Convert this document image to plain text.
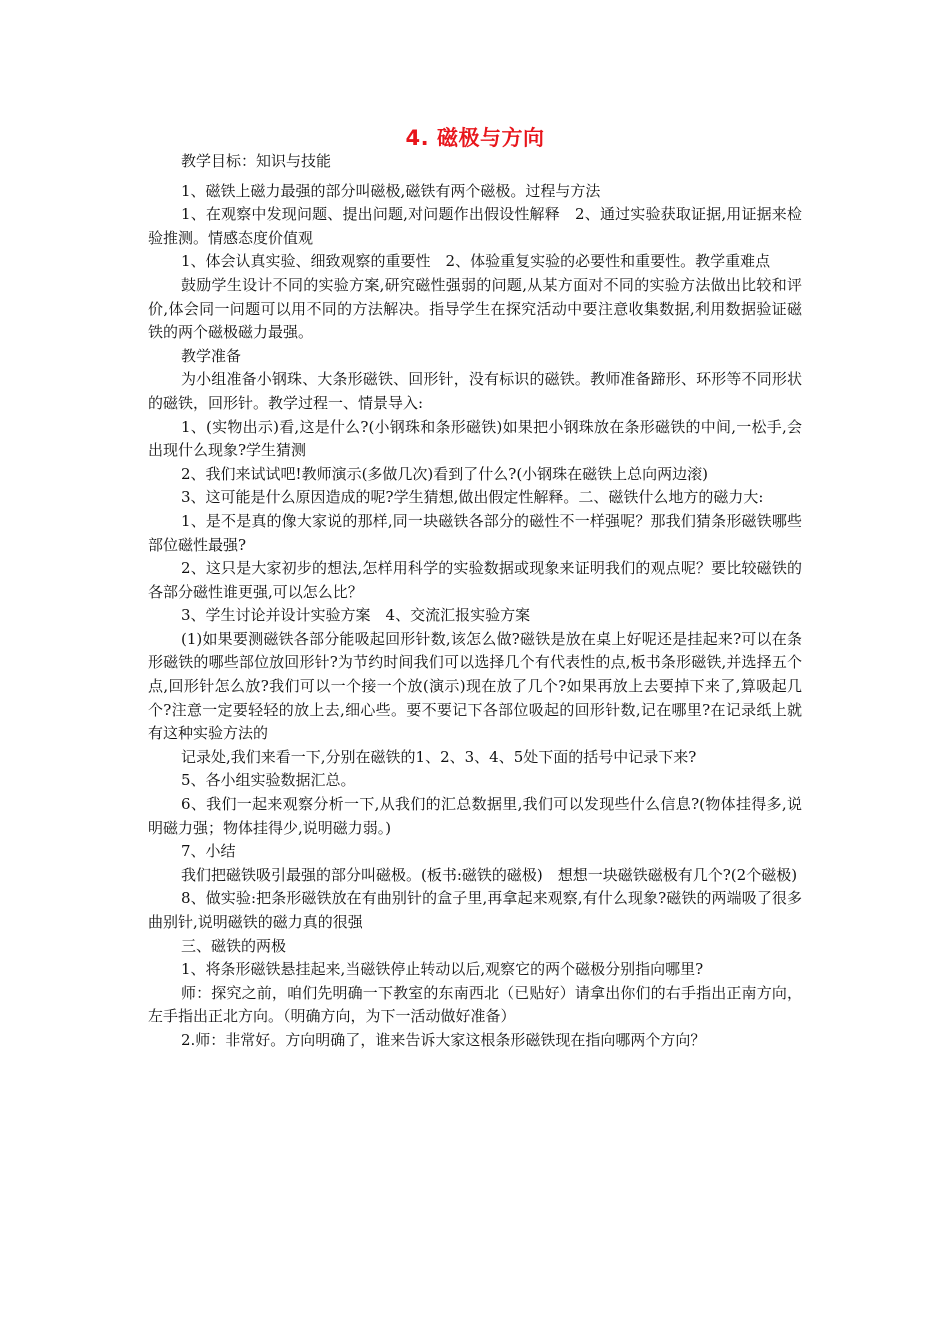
4. 磁极与方向

教学目标：知识与技能

1、磁铁上磁力最强的部分叫磁极,磁铁有两个磁极。过程与方法

1、在观察中发现问题、提出问题,对问题作出假设性解释　2、通过实验获取证据,用证据来检验推测。情感态度价值观

1、体会认真实验、细致观察的重要性　2、体验重复实验的必要性和重要性。教学重难点

鼓励学生设计不同的实验方案,研究磁性强弱的问题,从某方面对不同的实验方法做出比较和评价,体会同一问题可以用不同的方法解决。指导学生在探究活动中要注意收集数据,利用数据验证磁铁的两个磁极磁力最强。

教学准备

为小组准备小钢珠、大条形磁铁、回形针，没有标识的磁铁。教师准备蹄形、环形等不同形状的磁铁，回形针。教学过程一、情景导入:

1、(实物出示)看,这是什么?(小钢珠和条形磁铁)如果把小钢珠放在条形磁铁的中间,一松手,会出现什么现象?学生猜测

2、我们来试试吧!教师演示(多做几次)看到了什么?(小钢珠在磁铁上总向两边滚)

3、这可能是什么原因造成的呢?学生猜想,做出假定性解释。二、磁铁什么地方的磁力大:

1、是不是真的像大家说的那样,同一块磁铁各部分的磁性不一样强呢？那我们猜条形磁铁哪些部位磁性最强?

2、这只是大家初步的想法,怎样用科学的实验数据或现象来证明我们的观点呢？要比较磁铁的各部分磁性谁更强,可以怎么比？

3、学生讨论并设计实验方案　4、交流汇报实验方案

(1)如果要测磁铁各部分能吸起回形针数,该怎么做?磁铁是放在桌上好呢还是挂起来?可以在条形磁铁的哪些部位放回形针?为节约时间我们可以选择几个有代表性的点,板书条形磁铁,并选择五个点,回形针怎么放?我们可以一个接一个放(演示)现在放了几个?如果再放上去要掉下来了,算吸起几个?注意一定要轻轻的放上去,细心些。要不要记下各部位吸起的回形针数,记在哪里?在记录纸上就有这种实验方法的

记录处,我们来看一下,分别在磁铁的1、2、3、4、5处下面的括号中记录下来?

5、各小组实验数据汇总。

6、我们一起来观察分析一下,从我们的汇总数据里,我们可以发现些什么信息?(物体挂得多,说明磁力强；物体挂得少,说明磁力弱。)

7、小结

我们把磁铁吸引最强的部分叫磁极。(板书:磁铁的磁极)　想想一块磁铁磁极有几个?(2个磁极)

8、做实验:把条形磁铁放在有曲别针的盒子里,再拿起来观察,有什么现象?磁铁的两端吸了很多曲别针,说明磁铁的磁力真的很强

三、磁铁的两极

1、将条形磁铁悬挂起来,当磁铁停止转动以后,观察它的两个磁极分别指向哪里?

师：探究之前，咱们先明确一下教室的东南西北（已贴好）请拿出你们的右手指出正南方向，左手指出正北方向。（明确方向，为下一活动做好准备）

2.师：非常好。方向明确了，谁来告诉大家这根条形磁铁现在指向哪两个方向？
